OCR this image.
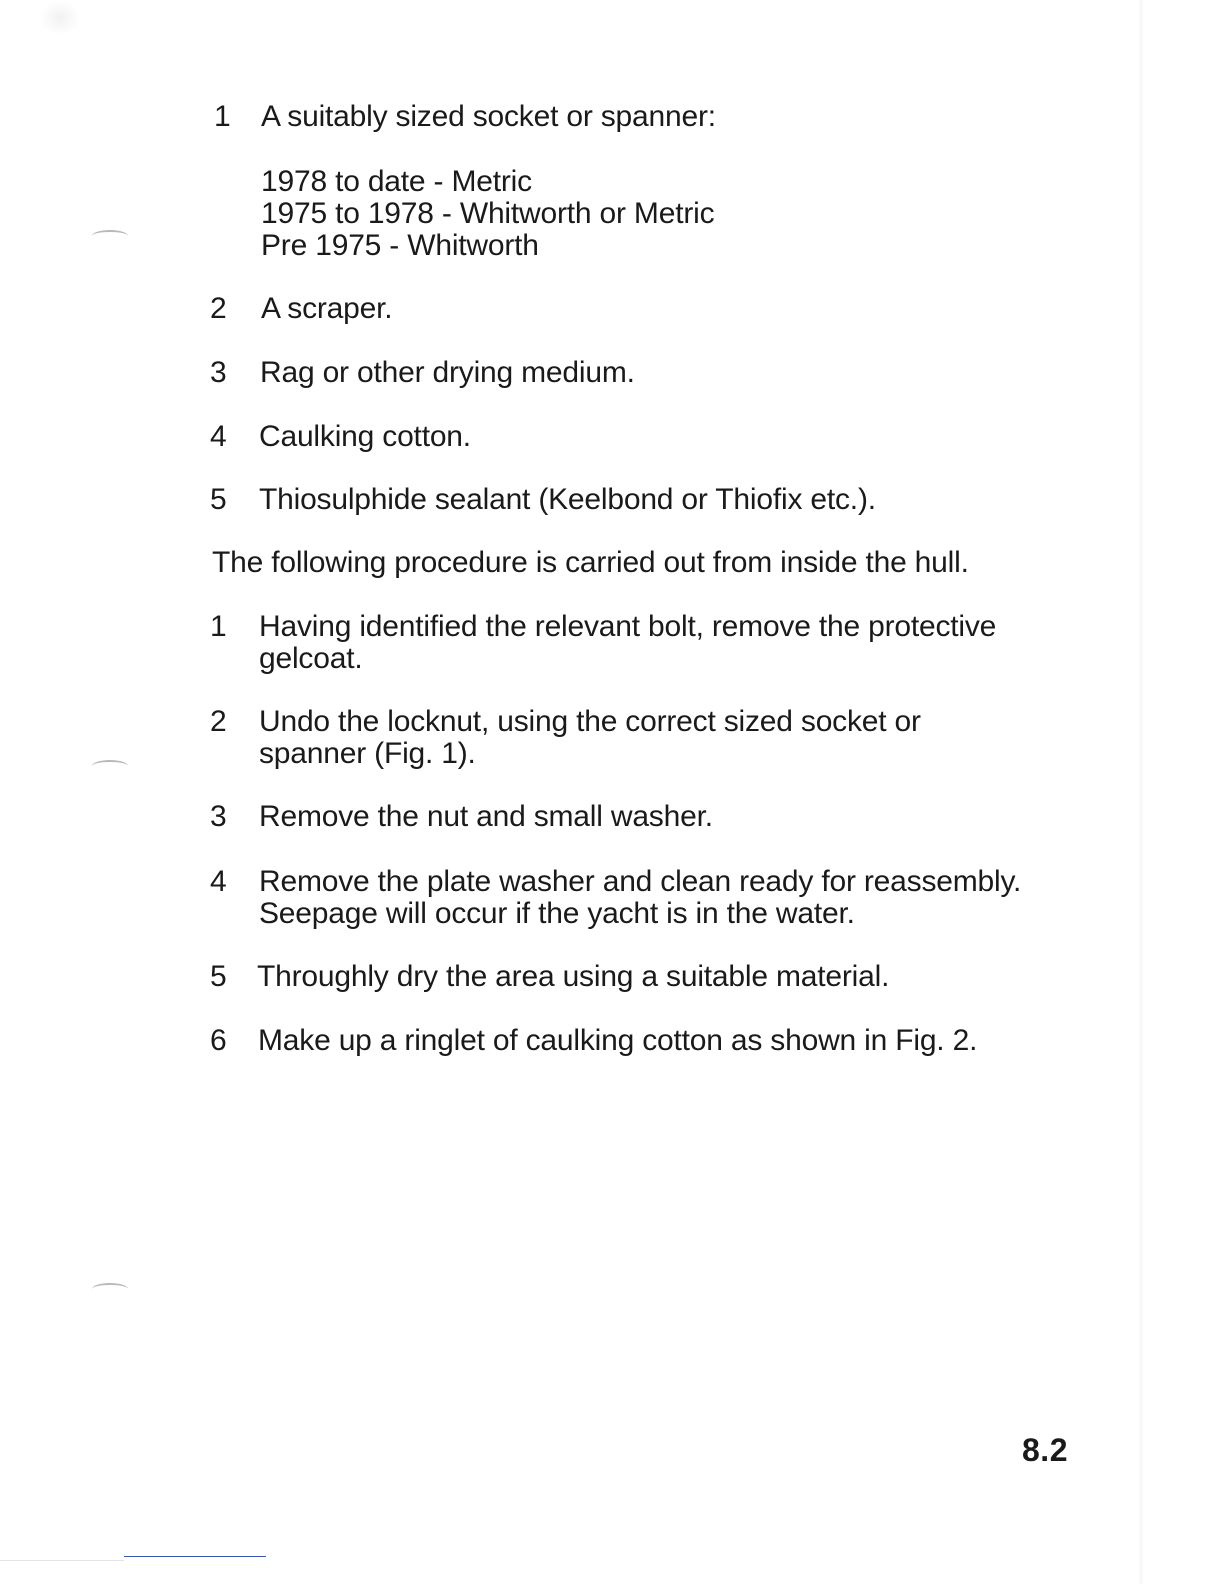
1	A suitably sized socket or spanner:
1978 to date - Metric
1975 to 1978 - Whitworth or Metric
Pre 1975 - Whitworth
2	A scraper.
3	Rag or other drying medium.
4	Caulking cotton.
5	Thiosulphide sealant (Keelbond or Thiofix etc.).
The following procedure is carried out from inside the hull.
1	Having identified the relevant bolt, remove the protective
gelcoat.
2	Undo the locknut, using the correct sized socket or
spanner (Fig. 1).
3	Remove the nut and small washer.
4	Remove the plate washer and clean ready for reassembly.
Seepage will occur if the yacht is in the water.
5	Throughly dry the area using a suitable material.
6	Make up a ringlet of caulking cotton as shown in Fig. 2.
8.2
